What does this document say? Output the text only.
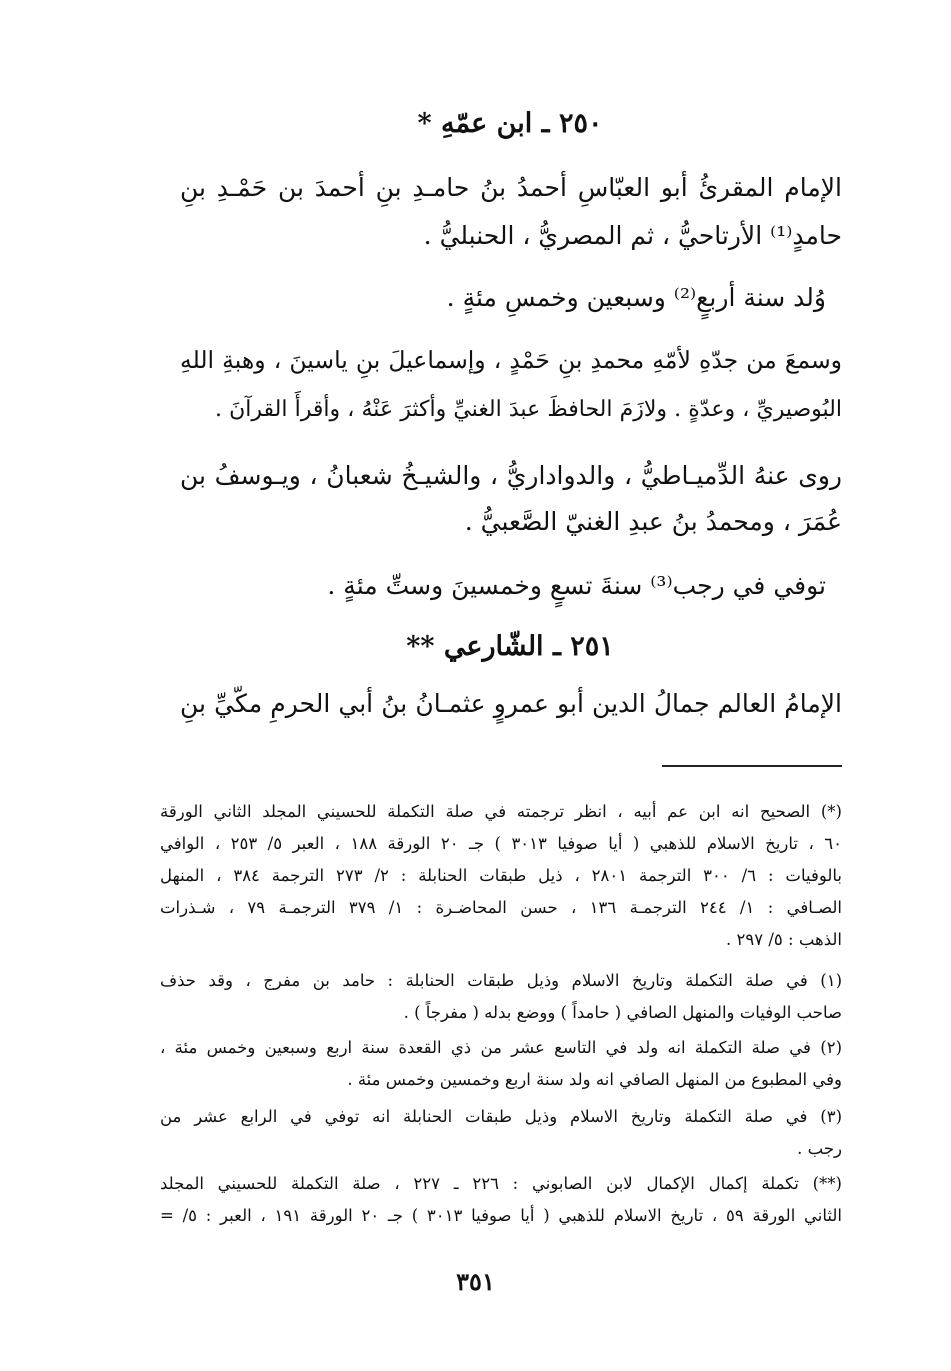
٢٥٠ ـ ابن عمّهِ *
الإمام المقرئُ أبو العبّاسِ أحمدُ بنُ حامـدِ بنِ أحمدَ بن حَمْـدِ بنِ
حامدٍ⁽¹⁾ الأرتاحيُّ ، ثم المصريُّ ، الحنبليُّ .
وُلد سنة أربعٍ⁽²⁾ وسبعين وخمسِ مئةٍ .
وسمعَ من جدّهِ لأمّهِ محمدِ بنِ حَمْدٍ ، وإسماعيلَ بنِ ياسينَ ، وهبةِ اللهِ
البُوصيريِّ ، وعدّةٍ . ولازَمَ الحافظَ عبدَ الغنيِّ وأكثرَ عَنْهُ ، وأقرأَ القرآنَ .
روى عنهُ الدِّميـاطيُّ ، والدواداريُّ ، والشيـخُ شعبانُ ، ويـوسفُ بن
عُمَرَ ، ومحمدُ بنُ عبدِ الغنيّ الصَّعبيُّ .
توفي في رجب⁽³⁾ سنةَ تسعٍ وخمسينَ وستِّ مئةٍ .
٢٥١ ـ الشّارعي **
الإمامُ العالم جمالُ الدين أبو عمروٍ عثمـانُ بنُ أبي الحرمِ مكّيِّ بنِ
(*) الصحيح انه ابن عم أبيه ، انظر ترجمته في صلة التكملة للحسيني المجلد الثاني الورقة
٦٠ ، تاريخ الاسلام للذهبي ( أيا صوفيا ٣٠١٣ ) جـ ٢٠ الورقة ١٨٨ ، العبر ٥/ ٢٥٣ ، الوافي
بالوفيات : ٦/ ٣٠٠ الترجمة ٢٨٠١ ، ذيل طبقات الحنابلة : ٢/ ٢٧٣ الترجمة ٣٨٤ ، المنهل
الصـافي : ١/ ٢٤٤ الترجمـة ١٣٦ ، حسن المحاضـرة : ١/ ٣٧٩ الترجمـة ٧٩ ، شـذرات
الذهب : ٥/ ٢٩٧ .
(١) في صلة التكملة وتاريخ الاسلام وذيل طبقات الحنابلة : حامد بن مفرج ، وقد حذف
صاحب الوفيات والمنهل الصافي ( حامداً ) ووضع بدله ( مفرجاً ) .
(٢) في صلة التكملة انه ولد في التاسع عشر من ذي القعدة سنة اربع وسبعين وخمس مئة ،
وفي المطبوع من المنهل الصافي انه ولد سنة اربع وخمسين وخمس مئة .
(٣) في صلة التكملة وتاريخ الاسلام وذيل طبقات الحنابلة انه توفي في الرابع عشر من
رجب .
(**) تكملة إكمال الإكمال لابن الصابوني : ٢٢٦ ـ ٢٢٧ ، صلة التكملة للحسيني المجلد
الثاني الورقة ٥٩ ، تاريخ الاسلام للذهبي ( أيا صوفيا ٣٠١٣ ) جـ ٢٠ الورقة ١٩١ ، العبر : ٥/ =
٣٥١
